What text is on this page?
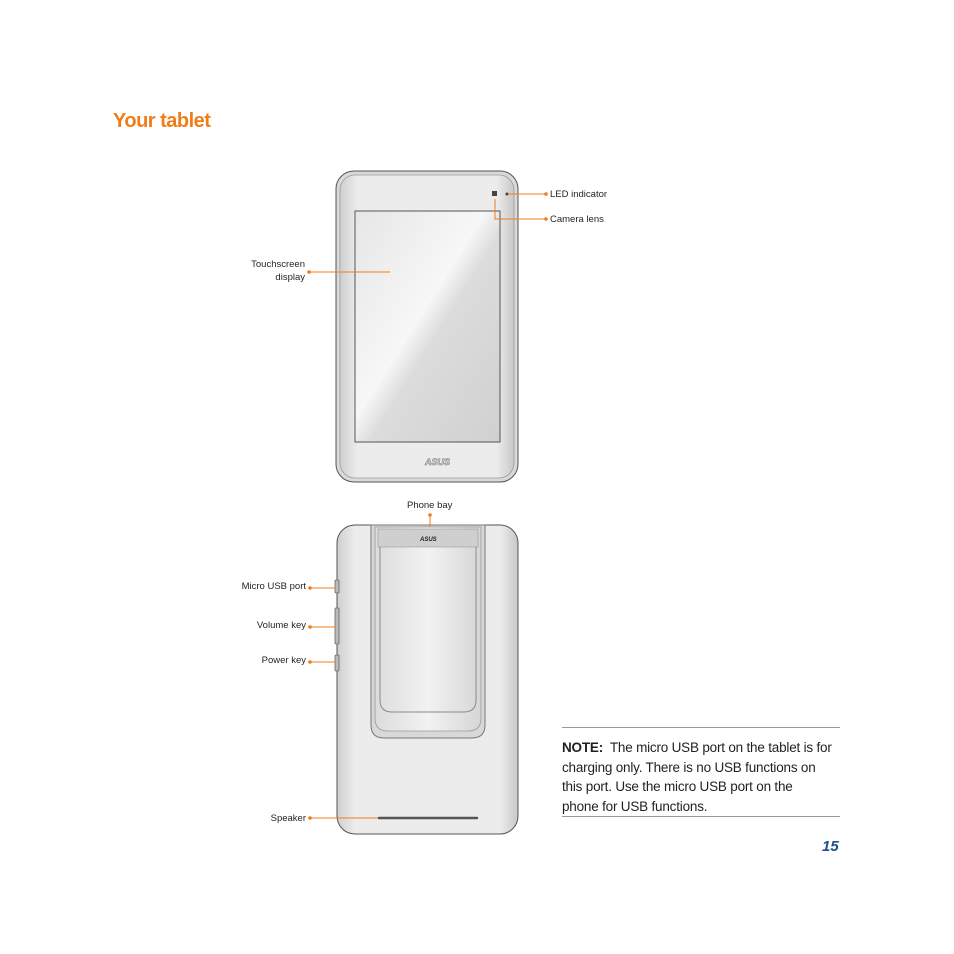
Your tablet
ASUS
ASUS
LED indicator
Camera lens
Touchscreen
display
Phone bay
Micro USB port
Volume key
Power key
Speaker
NOTE: The micro USB port on the tablet is for charging only. There is no USB functions on this port. Use the micro USB port on the phone for USB functions.
15
